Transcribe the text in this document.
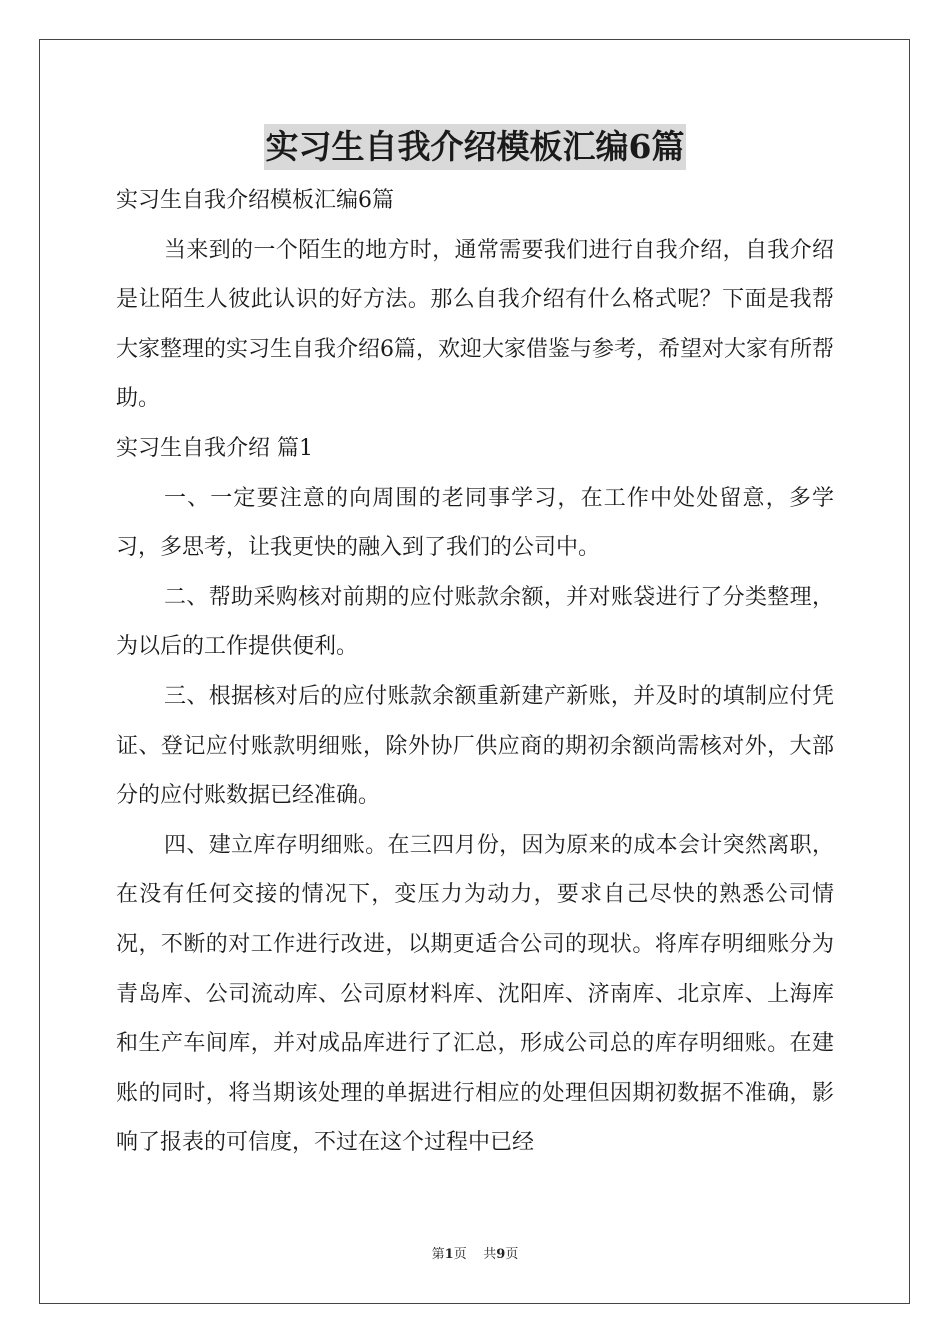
实习生自我介绍模板汇编6篇

实习生自我介绍模板汇编6篇

当来到的一个陌生的地方时，通常需要我们进行自我介绍，自我介绍是让陌生人彼此认识的好方法。那么自我介绍有什么格式呢？下面是我帮大家整理的实习生自我介绍6篇，欢迎大家借鉴与参考，希望对大家有所帮助。

实习生自我介绍 篇1

一、一定要注意的向周围的老同事学习，在工作中处处留意，多学习，多思考，让我更快的融入到了我们的公司中。

二、帮助采购核对前期的应付账款余额，并对账袋进行了分类整理，为以后的工作提供便利。

三、根据核对后的应付账款余额重新建产新账，并及时的填制应付凭证、登记应付账款明细账，除外协厂供应商的期初余额尚需核对外，大部分的应付账数据已经准确。

四、建立库存明细账。在三四月份，因为原来的成本会计突然离职，在没有任何交接的情况下，变压力为动力，要求自己尽快的熟悉公司情况，不断的对工作进行改进，以期更适合公司的现状。将库存明细账分为青岛库、公司流动库、公司原材料库、沈阳库、济南库、北京库、上海库和生产车间库，并对成品库进行了汇总，形成公司总的库存明细账。在建账的同时，将当期该处理的单据进行相应的处理但因期初数据不准确，影响了报表的可信度，不过在这个过程中已经

第1页 共9页
